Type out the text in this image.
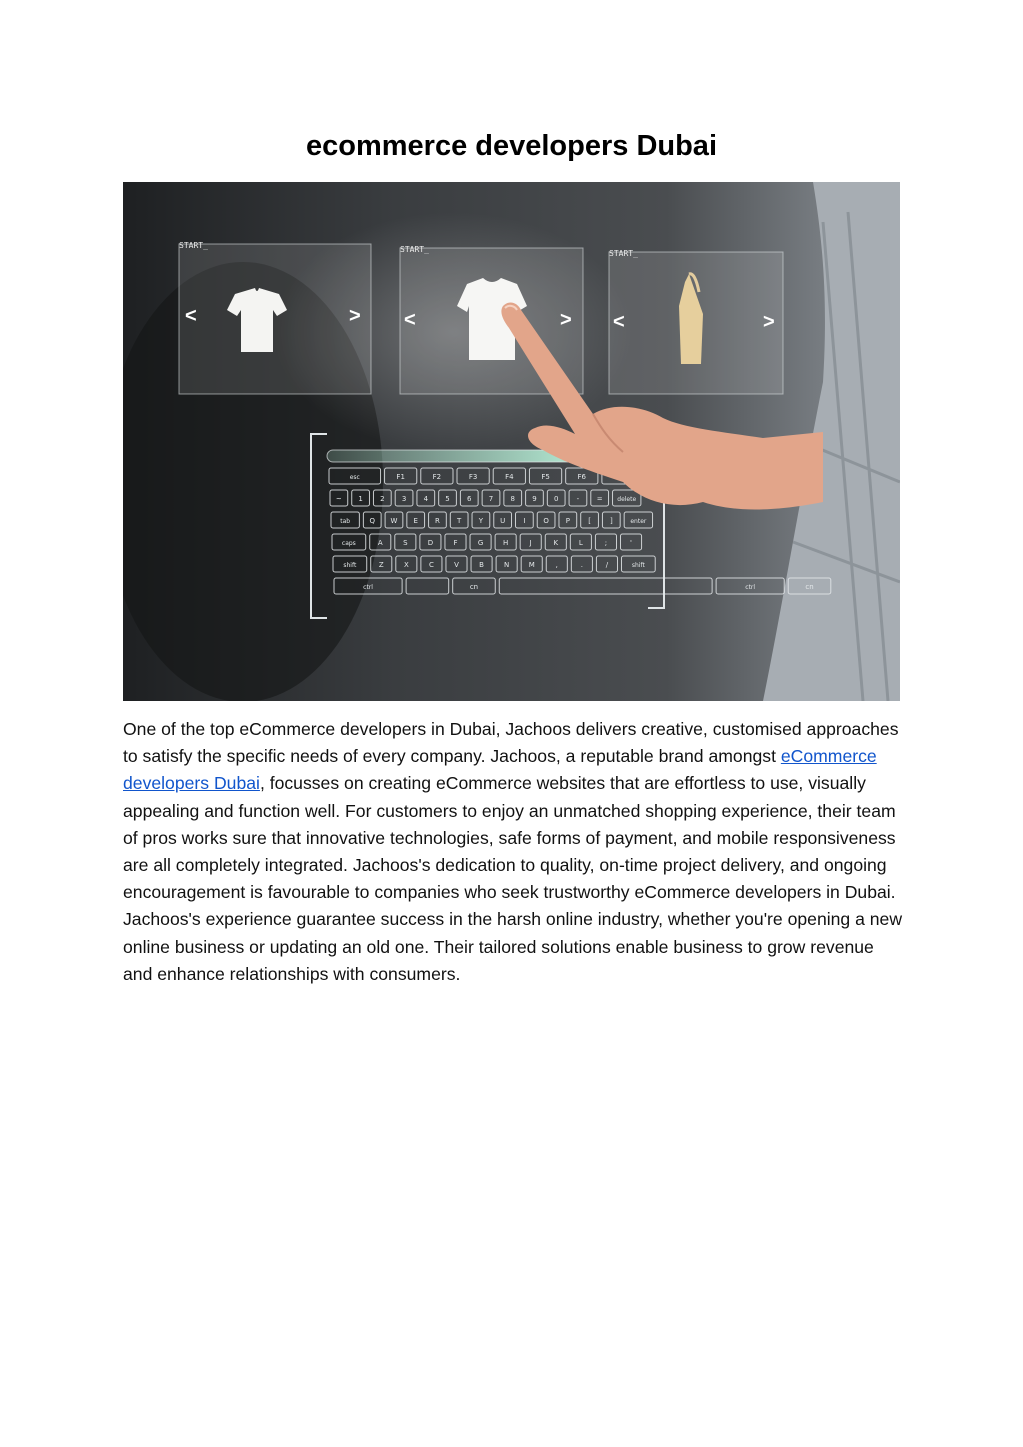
ecommerce developers Dubai
START_
<	>
START_
<	>
START_
<	>
esc	F1	F2	F3	F4	F5	F6
~ 1 2 3 4 5 6 7 8 9 0	-	= delete
tab	Q W E R T Y U	I	O P	[	]	enter
caps	A	S	D	F	G	H	J	K	L	;	'
shift	Z	X	C	V	B	N	M	,	.	/	shift
ctrl	cn	ctrl	cn

One of the top eCommerce developers in Dubai, Jachoos delivers creative, customised approaches to satisfy the specific needs of every company. Jachoos, a reputable brand amongst eCommerce developers Dubai, focusses on creating eCommerce websites that are effortless to use, visually appealing and function well. For customers to enjoy an unmatched shopping experience, their team of pros works sure that innovative technologies, safe forms of payment, and mobile responsiveness are all completely integrated. Jachoos's dedication to quality, on-time project delivery, and ongoing encouragement is favourable to companies who seek trustworthy eCommerce developers in Dubai. Jachoos's experience guarantee success in the harsh online industry, whether you're opening a new online business or updating an old one. Their tailored solutions enable business to grow revenue and enhance relationships with consumers.
